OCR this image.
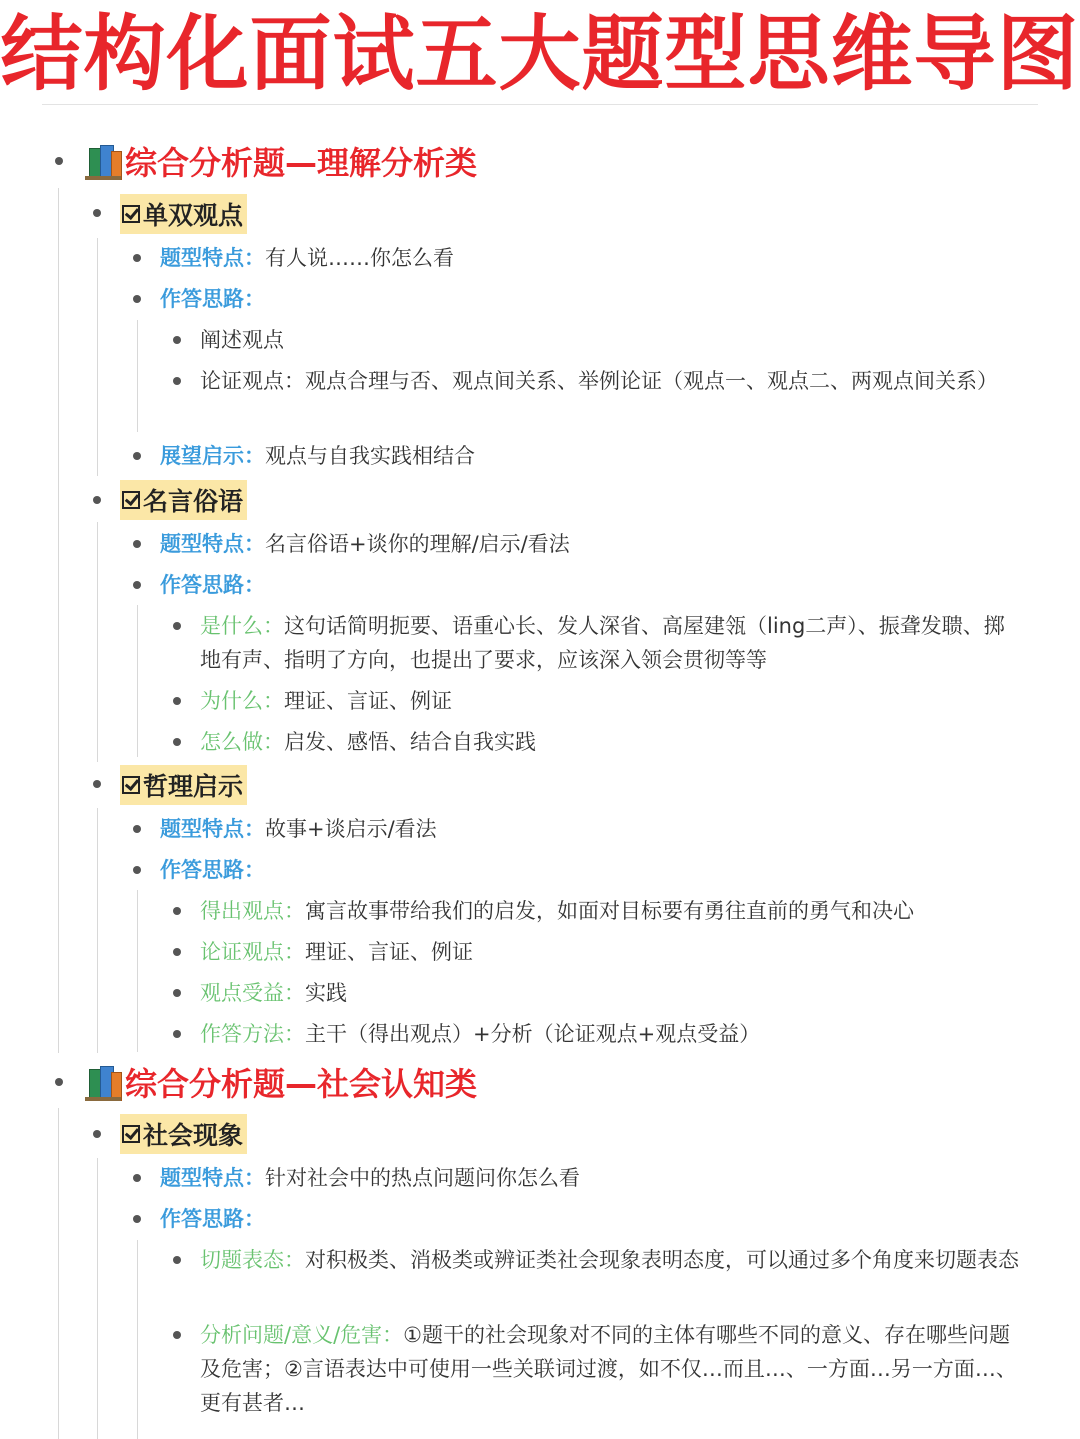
结构化面试五大题型思维导图
综合分析题—理解分析类
单双观点
题型特点：有人说……你怎么看
作答思路：
阐述观点
论证观点：观点合理与否、观点间关系、举例论证（观点一、观点二、两观点间关系）
展望启示：观点与自我实践相结合
名言俗语
题型特点：名言俗语+谈你的理解/启示/看法
作答思路：
是什么：这句话简明扼要、语重心长、发人深省、高屋建瓴（ling二声）、振聋发聩、掷地有声、指明了方向，也提出了要求，应该深入领会贯彻等等
为什么：理证、言证、例证
怎么做：启发、感悟、结合自我实践
哲理启示
题型特点：故事+谈启示/看法
作答思路：
得出观点：寓言故事带给我们的启发，如面对目标要有勇往直前的勇气和决心
论证观点：理证、言证、例证
观点受益：实践
作答方法：主干（得出观点）+分析（论证观点+观点受益）
综合分析题—社会认知类
社会现象
题型特点：针对社会中的热点问题问你怎么看
作答思路：
切题表态：对积极类、消极类或辨证类社会现象表明态度，可以通过多个角度来切题表态
分析问题/意义/危害：①题干的社会现象对不同的主体有哪些不同的意义、存在哪些问题及危害；②言语表达中可使用一些关联词过渡，如不仅…而且…、一方面…另一方面…、更有甚者…
